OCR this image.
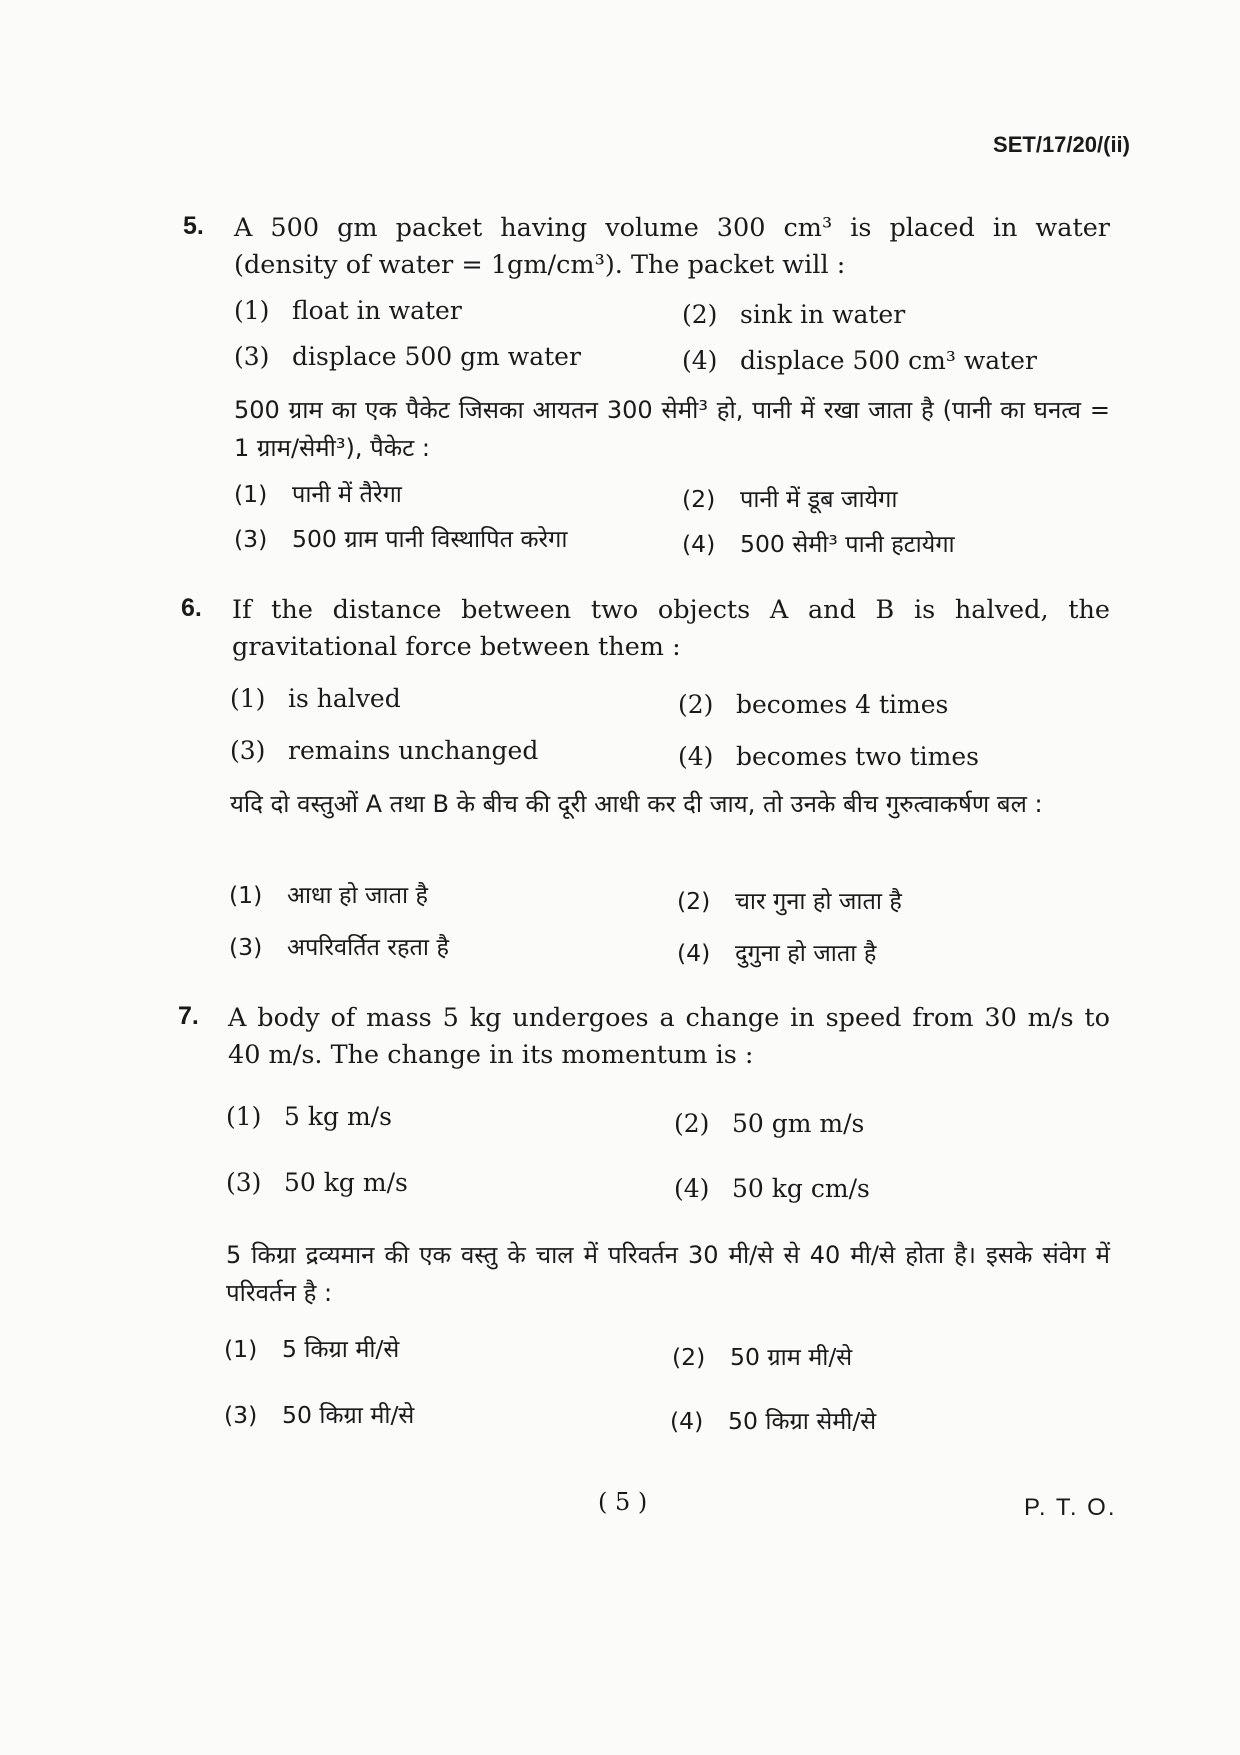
SET/17/20/(ii)
5. A 500 gm packet having volume 300 cm³ is placed in water (density of water = 1gm/cm³). The packet will :
(1) float in water	(2) sink in water
(3) displace 500 gm water	(4) displace 500 cm³ water
500 ग्राम का एक पैकेट जिसका आयतन 300 सेमी³ हो, पानी में रखा जाता है (पानी का घनत्व = 1 ग्राम/सेमी³), पैकेट :
(1) पानी में तैरेगा	(2) पानी में डूब जायेगा
(3) 500 ग्राम पानी विस्थापित करेगा	(4) 500 सेमी³ पानी हटायेगा
6. If the distance between two objects A and B is halved, the gravitational force between them :
(1) is halved	(2) becomes 4 times
(3) remains unchanged	(4) becomes two times
यदि दो वस्तुओं A तथा B के बीच की दूरी आधी कर दी जाय, तो उनके बीच गुरुत्वाकर्षण बल :
(1) आधा हो जाता है	(2) चार गुना हो जाता है
(3) अपरिवर्तित रहता है	(4) दुगुना हो जाता है
7. A body of mass 5 kg undergoes a change in speed from 30 m/s to 40 m/s. The change in its momentum is :
(1) 5 kg m/s	(2) 50 gm m/s
(3) 50 kg m/s	(4) 50 kg cm/s
5 किग्रा द्रव्यमान की एक वस्तु के चाल में परिवर्तन 30 मी/से से 40 मी/से होता है। इसके संवेग में परिवर्तन है :
(1) 5 किग्रा मी/से	(2) 50 ग्राम मी/से
(3) 50 किग्रा मी/से	(4) 50 किग्रा सेमी/से
( 5 )	P. T. O.
